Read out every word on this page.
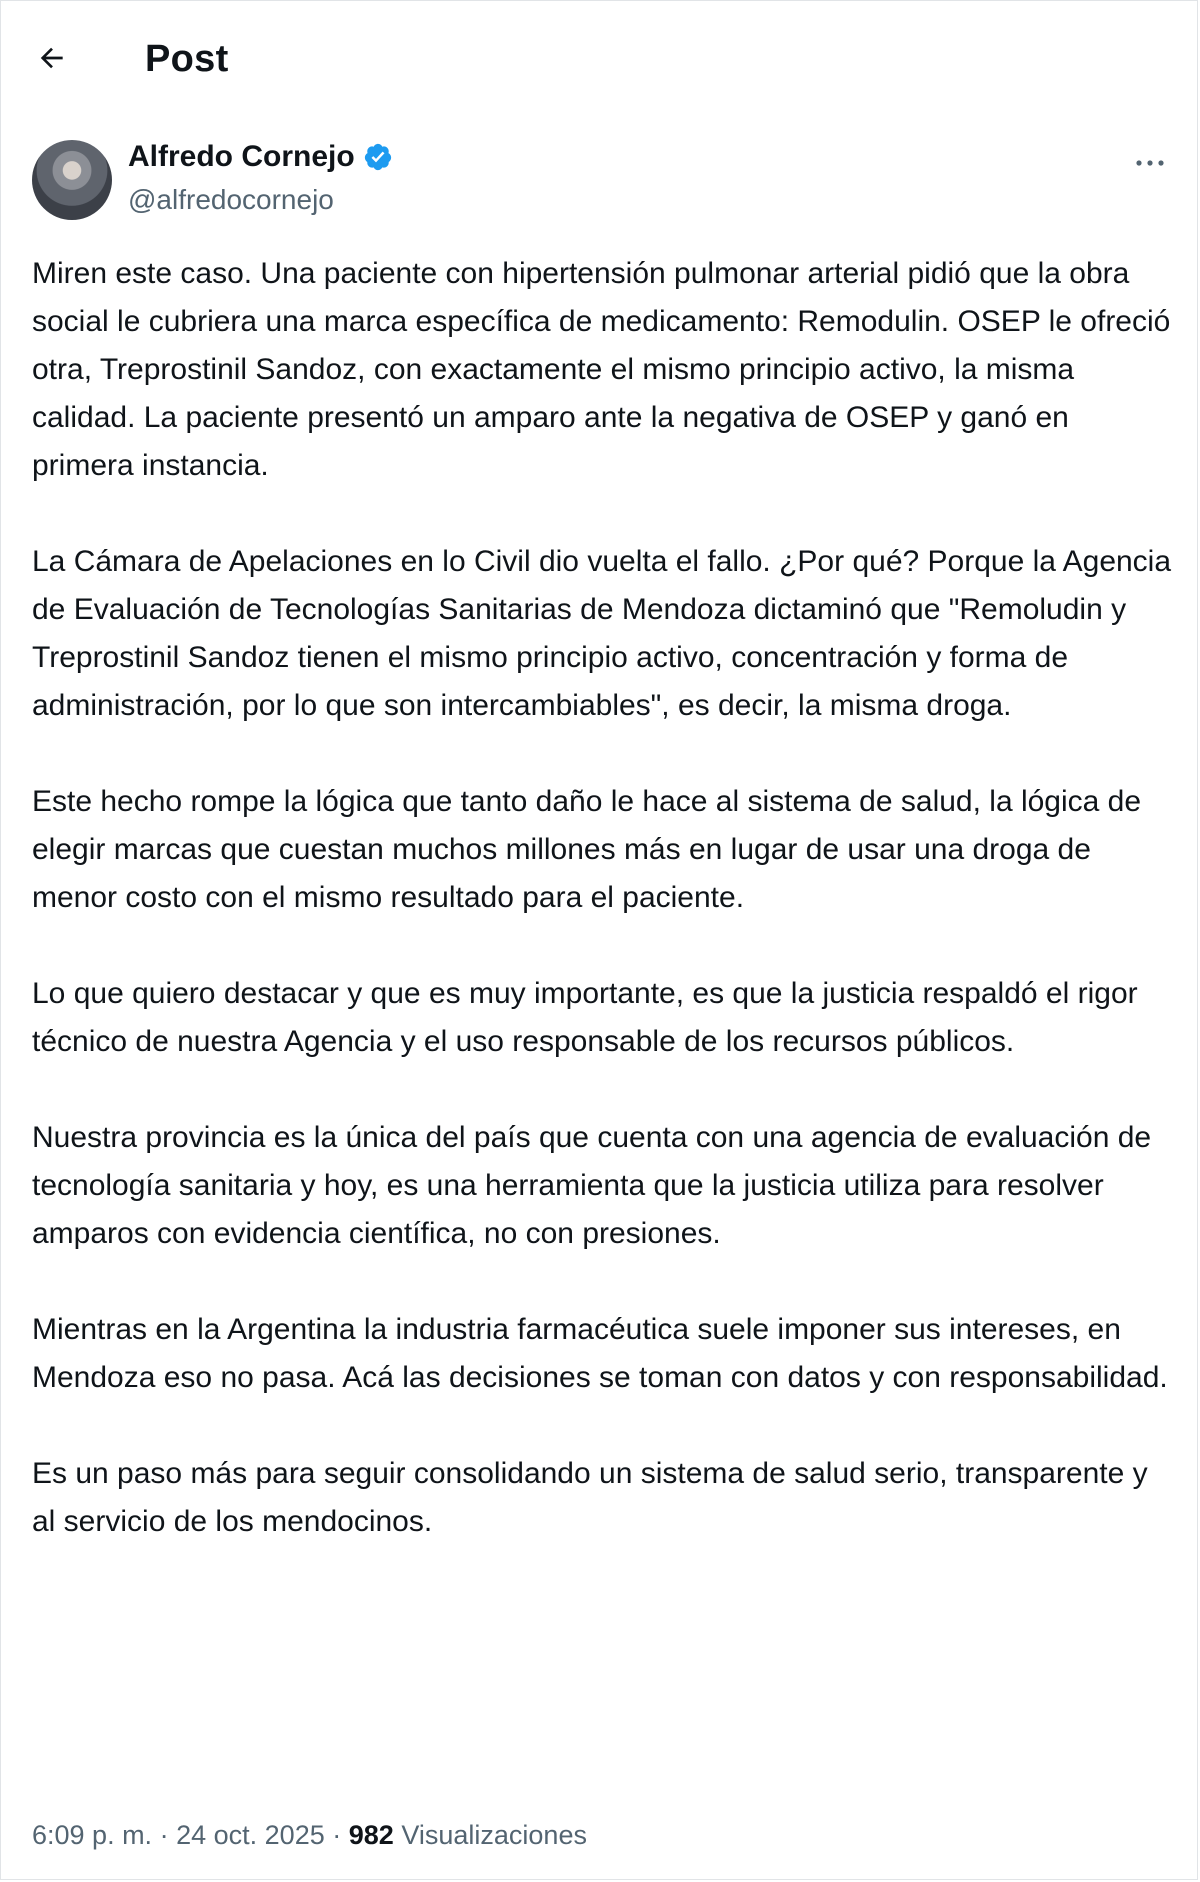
Post
Alfredo Cornejo
@alfredocornejo

Miren este caso. Una paciente con hipertensión pulmonar arterial pidió que la obra social le cubriera una marca específica de medicamento: Remodulin. OSEP le ofreció otra, Treprostinil Sandoz, con exactamente el mismo principio activo, la misma calidad. La paciente presentó un amparo ante la negativa de OSEP y ganó en primera instancia.

La Cámara de Apelaciones en lo Civil dio vuelta el fallo. ¿Por qué? Porque la Agencia de Evaluación de Tecnologías Sanitarias de Mendoza dictaminó que "Remoludin y Treprostinil Sandoz tienen el mismo principio activo, concentración y forma de administración, por lo que son intercambiables", es decir, la misma droga.

Este hecho rompe la lógica que tanto daño le hace al sistema de salud, la lógica de elegir marcas que cuestan muchos millones más en lugar de usar una droga de menor costo con el mismo resultado para el paciente.

Lo que quiero destacar y que es muy importante, es que la justicia respaldó el rigor técnico de nuestra Agencia y el uso responsable de los recursos públicos.

Nuestra provincia es la única del país que cuenta con una agencia de evaluación de tecnología sanitaria y hoy, es una herramienta que la justicia utiliza para resolver amparos con evidencia científica, no con presiones.

Mientras en la Argentina la industria farmacéutica suele imponer sus intereses, en Mendoza eso no pasa. Acá las decisiones se toman con datos y con responsabilidad.

Es un paso más para seguir consolidando un sistema de salud serio, transparente y al servicio de los mendocinos.

6:09 p. m. · 24 oct. 2025 · 982 Visualizaciones
